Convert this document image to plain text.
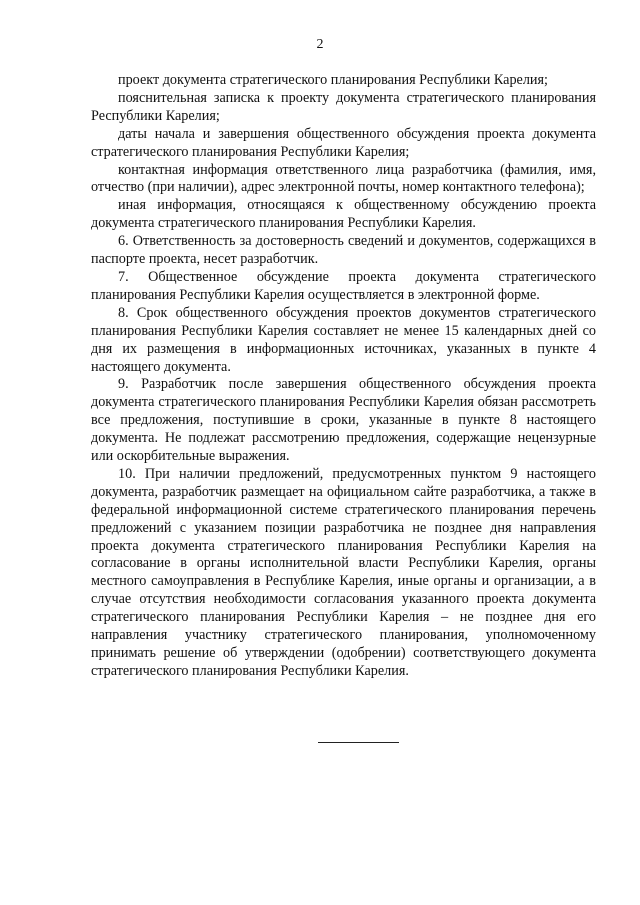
2

проект документа стратегического планирования Республики Карелия;

пояснительная записка к проекту документа стратегического планирования Республики Карелия;

даты начала и завершения общественного обсуждения проекта документа стратегического планирования Республики Карелия;

контактная информация ответственного лица разработчика (фамилия, имя, отчество (при наличии), адрес электронной почты, номер контактного телефона);

иная информация, относящаяся к общественному обсуждению проекта документа стратегического планирования Республики Карелия.

6. Ответственность за достоверность сведений и документов, содержащихся в паспорте проекта, несет разработчик.

7. Общественное обсуждение проекта документа стратегического планирования Республики Карелия осуществляется в электронной форме.

8. Срок общественного обсуждения проектов документов стратегического планирования Республики Карелия составляет не менее 15 календарных дней со дня их размещения в информационных источниках, указанных в пункте 4 настоящего документа.

9. Разработчик после завершения общественного обсуждения проекта документа стратегического планирования Республики Карелия обязан рассмотреть все предложения, поступившие в сроки, указанные в пункте 8 настоящего документа. Не подлежат рассмотрению предложения, содержащие нецензурные или оскорбительные выражения.

10. При наличии предложений, предусмотренных пунктом 9 настоящего документа, разработчик размещает на официальном сайте разработчика, а также в федеральной информационной системе стратегического планирования перечень предложений с указанием позиции разработчика не позднее дня направления проекта документа стратегического планирования Республики Карелия на согласование в органы исполнительной власти Республики Карелия, органы местного самоуправления в Республике Карелия, иные органы и организации, а в случае отсутствия необходимости согласования указанного проекта документа стратегического планирования Республики Карелия – не позднее дня его направления участнику стратегического планирования, уполномоченному принимать решение об утверждении (одобрении) соответствующего документа стратегического планирования Республики Карелия.
